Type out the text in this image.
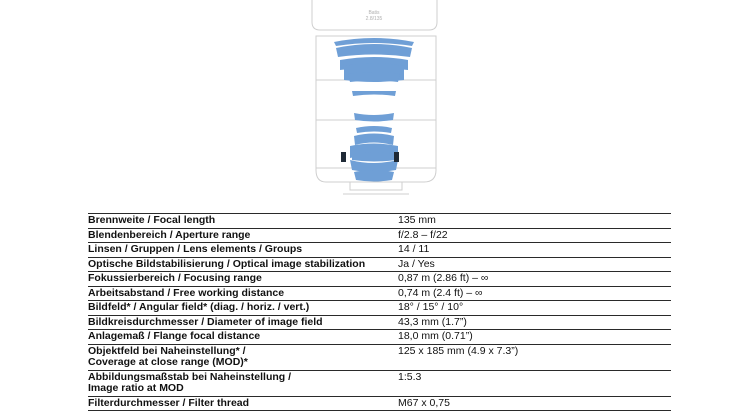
Batis
2.8/135
Brennweite / Focal length	135 mm

Blendenbereich / Aperture range	f/2.8 – f/22

Linsen / Gruppen / Lens elements / Groups	14 / 11

Optische Bildstabilisierung / Optical image stabilization	Ja / Yes

Fokussierbereich / Focusing range	0,87 m (2.86 ft) – ∞

Arbeitsabstand / Free working distance	0,74 m (2.4 ft) – ∞

Bildfeld* / Angular field* (diag. / horiz. / vert.)	18° / 15° / 10°

Bildkreisdurchmesser / Diameter of image field	43,3 mm (1.7”)

Anlagemaß / Flange focal distance	18,0 mm (0.71”)

Objektfeld bei Naheinstellung* /
Coverage at close range (MOD)*	125 x 185 mm (4.9 x 7.3”)

Abbildungsmaßstab bei Naheinstellung /
Image ratio at MOD	1:5.3

Filterdurchmesser / Filter thread	M67 x 0,75
